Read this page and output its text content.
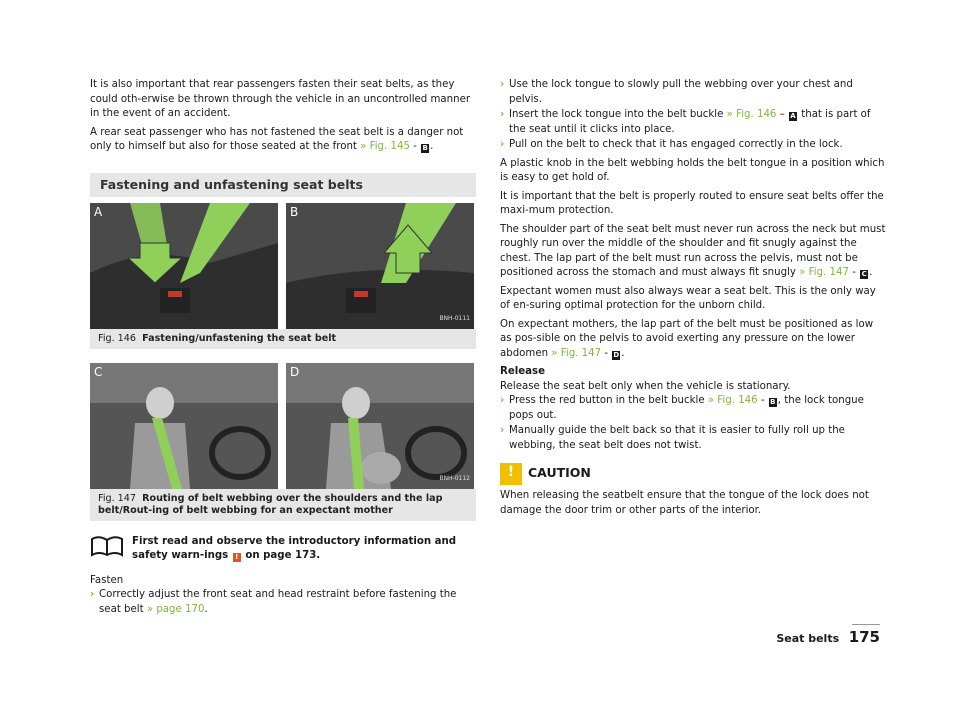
It is also important that rear passengers fasten their seat belts, as they could oth-erwise be thrown through the vehicle in an uncontrolled manner in the event of an accident.

A rear seat passenger who has not fastened the seat belt is a danger not only to himself but also for those seated at the front » Fig. 145 - B .

Fastening and unfastening seat belts
A	B
BNH-0111
Fig. 146 Fastening/unfastening the seat belt
C	D
BNH-0112
Fig. 147 Routing of belt webbing over the shoulders and the lap belt/Rout-ing of belt webbing for an expectant mother
First read and observe the introductory information and safety warn-ings ! on page 173.

Fasten

› Correctly adjust the front seat and head restraint before fastening the seat belt » page 170.
› Use the lock tongue to slowly pull the webbing over your chest and pelvis.
› Insert the lock tongue into the belt buckle » Fig. 146 – A that is part of the seat until it clicks into place.
› Pull on the belt to check that it has engaged correctly in the lock.

A plastic knob in the belt webbing holds the belt tongue in a position which is easy to get hold of.

It is important that the belt is properly routed to ensure seat belts offer the maxi-mum protection.

The shoulder part of the seat belt must never run across the neck but must roughly run over the middle of the shoulder and fit snugly against the chest. The lap part of the belt must run across the pelvis, must not be positioned across the stomach and must always fit snugly » Fig. 147 - C .

Expectant women must also always wear a seat belt. This is the only way of en-suring optimal protection for the unborn child.

On expectant mothers, the lap part of the belt must be positioned as low as pos-sible on the pelvis to avoid exerting any pressure on the lower abdomen » Fig. 147 - D .

Release

Release the seat belt only when the vehicle is stationary.

› Press the red button in the belt buckle » Fig. 146 - B , the lock tongue pops out.
› Manually guide the belt back so that it is easier to fully roll up the webbing, the seat belt does not twist.
!	CAUTION

When releasing the seatbelt ensure that the tongue of the lock does not damage the door trim or other parts of the interior.

Seat belts 175
